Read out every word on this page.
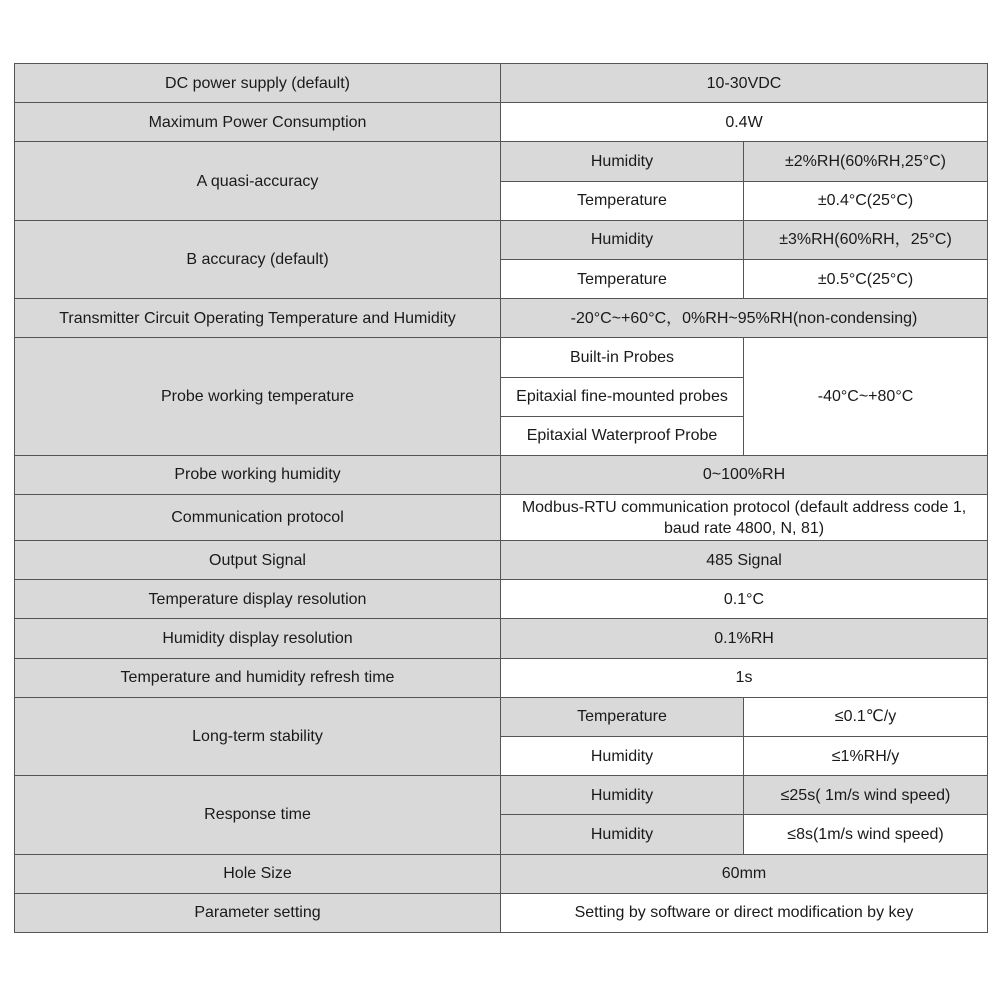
DC power supply (default)	10-30VDC	
Maximum Power Consumption	0.4W	
A quasi-accuracy	Humidity	±2%RH(60%RH,25°C)
	Temperature	±0.4°C(25°C)
B accuracy (default)	Humidity	±3%RH(60%RH，25°C)
	Temperature	±0.5°C(25°C)
Transmitter Circuit Operating Temperature and Humidity	-20°C~+60°C，0%RH~95%RH(non-condensing)	
Probe working temperature	Built-in Probes	-40°C~+80°C
	Epitaxial fine-mounted probes	
	Epitaxial Waterproof Probe	
Probe working humidity	0~100%RH	
Communication protocol	Modbus-RTU communication protocol (default address code 1, baud rate 4800, N, 81)	
Output Signal	485 Signal	
Temperature display resolution	0.1°C	
Humidity display resolution	0.1%RH	
Temperature and humidity refresh time	1s	
Long-term stability	Temperature	≤0.1℃/y
	Humidity	≤1%RH/y
Response time	Humidity	≤25s( 1m/s wind speed)
	Humidity	≤8s(1m/s wind speed)
Hole Size	60mm	
Parameter setting	Setting by software or direct modification by key	
